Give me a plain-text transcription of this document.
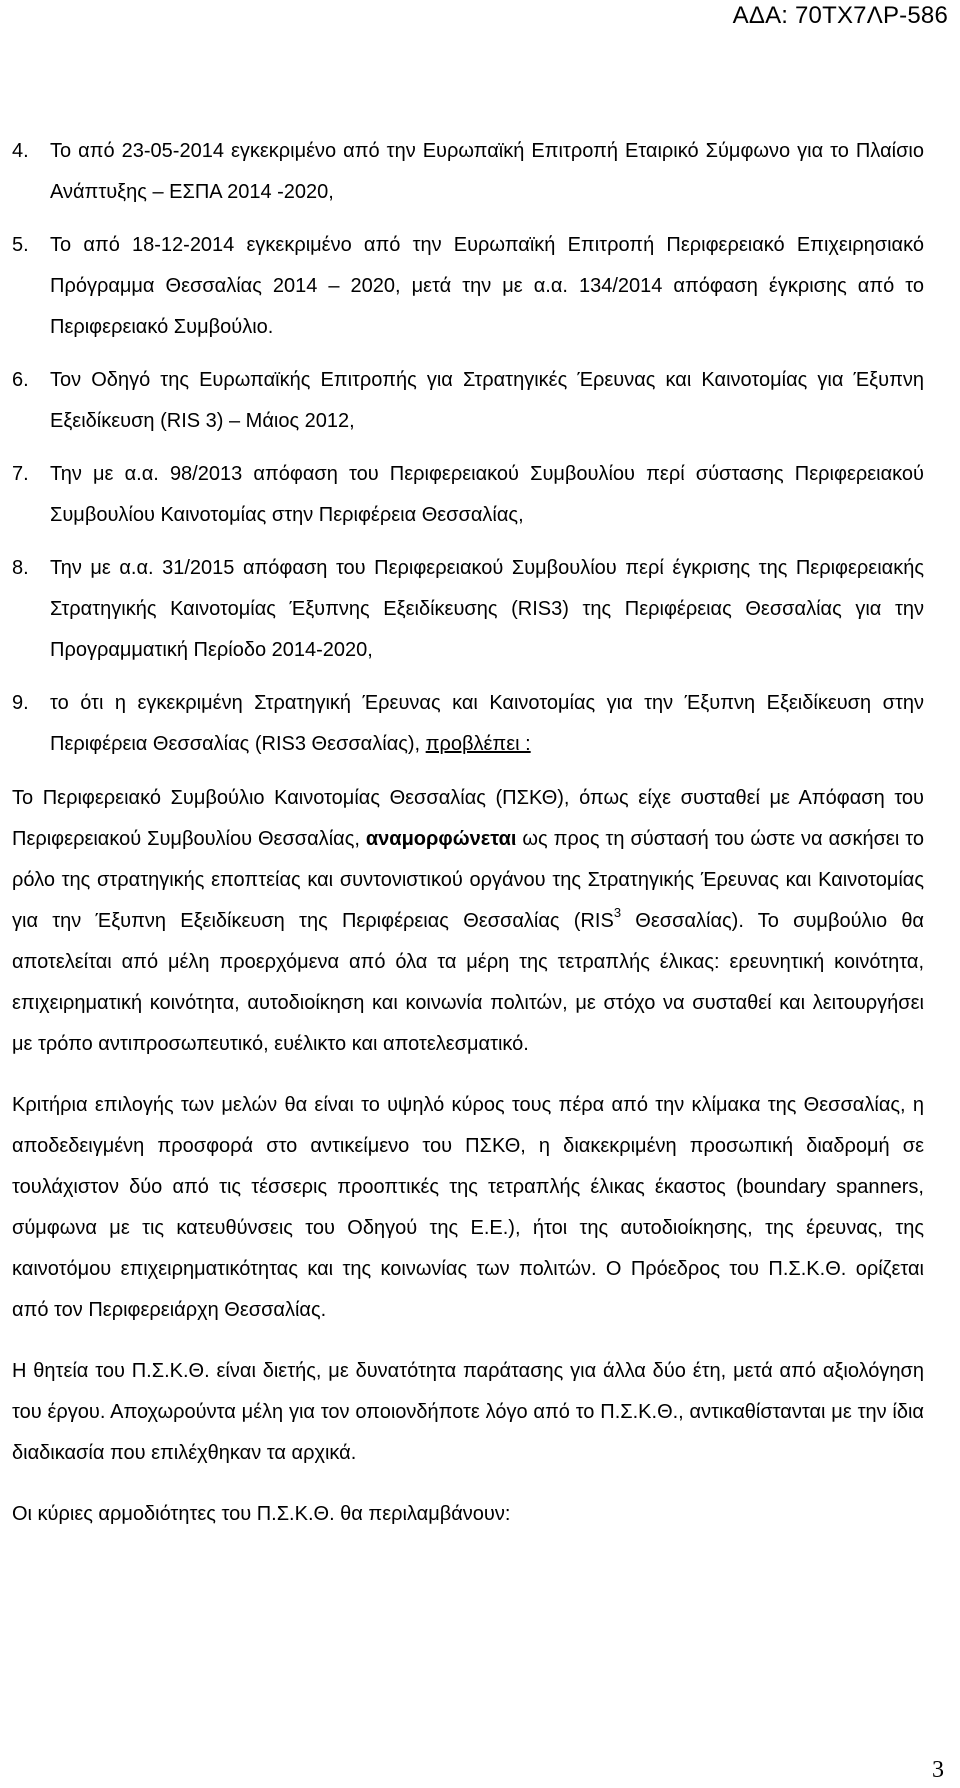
ΑΔΑ: 70ΤΧ7ΛΡ-586
4.	Το από 23-05-2014 εγκεκριμένο από την Ευρωπαϊκή Επιτροπή Εταιρικό Σύμφωνο για το Πλαίσιο Ανάπτυξης – ΕΣΠΑ 2014 -2020,
5.	Το από 18-12-2014 εγκεκριμένο από την Ευρωπαϊκή Επιτροπή Περιφερειακό Επιχειρησιακό Πρόγραμμα Θεσσαλίας 2014 – 2020, μετά την με α.α. 134/2014 απόφαση έγκρισης από το Περιφερειακό Συμβούλιο.
6.	Τον Οδηγό της Ευρωπαϊκής Επιτροπής για Στρατηγικές Έρευνας και Καινοτομίας για Έξυπνη Εξειδίκευση (RIS 3) – Μάιος 2012,
7.	Την με α.α. 98/2013 απόφαση του Περιφερειακού Συμβουλίου περί σύστασης Περιφερειακού Συμβουλίου Καινοτομίας στην Περιφέρεια Θεσσαλίας,
8.	Την με α.α. 31/2015 απόφαση του Περιφερειακού Συμβουλίου περί έγκρισης της Περιφερειακής Στρατηγικής Καινοτομίας Έξυπνης Εξειδίκευσης (RIS3) της Περιφέρειας Θεσσαλίας για την Προγραμματική Περίοδο 2014-2020,
9.	το ότι η εγκεκριμένη Στρατηγική Έρευνας και Καινοτομίας για την Έξυπνη Εξειδίκευση στην Περιφέρεια Θεσσαλίας (RIS3 Θεσσαλίας), προβλέπει :

Το Περιφερειακό Συμβούλιο Καινοτομίας Θεσσαλίας (ΠΣΚΘ), όπως είχε συσταθεί με Απόφαση του Περιφερειακού Συμβουλίου Θεσσαλίας, αναμορφώνεται ως προς τη σύστασή του ώστε να ασκήσει το ρόλο της στρατηγικής εποπτείας και συντονιστικού οργάνου της Στρατηγικής Έρευνας και Καινοτομίας για την Έξυπνη Εξειδίκευση της Περιφέρειας Θεσσαλίας (RIS$^3$ Θεσσαλίας). Το συμβούλιο θα αποτελείται από μέλη προερχόμενα από όλα τα μέρη της τετραπλής έλικας: ερευνητική κοινότητα, επιχειρηματική κοινότητα, αυτοδιοίκηση και κοινωνία πολιτών, με στόχο να συσταθεί και λειτουργήσει με τρόπο αντιπροσωπευτικό, ευέλικτο και αποτελεσματικό.

Κριτήρια επιλογής των μελών θα είναι το υψηλό κύρος τους πέρα από την κλίμακα της Θεσσαλίας, η αποδεδειγμένη προσφορά στο αντικείμενο του ΠΣΚΘ, η διακεκριμένη προσωπική διαδρομή σε τουλάχιστον δύο από τις τέσσερις προοπτικές της τετραπλής έλικας έκαστος (boundary spanners, σύμφωνα με τις κατευθύνσεις του Οδηγού της Ε.Ε.), ήτοι της αυτοδιοίκησης, της έρευνας, της καινοτόμου επιχειρηματικότητας και της κοινωνίας των πολιτών. Ο Πρόεδρος του Π.Σ.Κ.Θ. ορίζεται από τον Περιφερειάρχη Θεσσαλίας.

Η θητεία του Π.Σ.Κ.Θ. είναι διετής, με δυνατότητα παράτασης για άλλα δύο έτη, μετά από αξιολόγηση του έργου. Αποχωρούντα μέλη για τον οποιονδήποτε λόγο από το Π.Σ.Κ.Θ., αντικαθίστανται με την ίδια διαδικασία που επιλέχθηκαν τα αρχικά.

Οι κύριες αρμοδιότητες του Π.Σ.Κ.Θ. θα περιλαμβάνουν:

3
